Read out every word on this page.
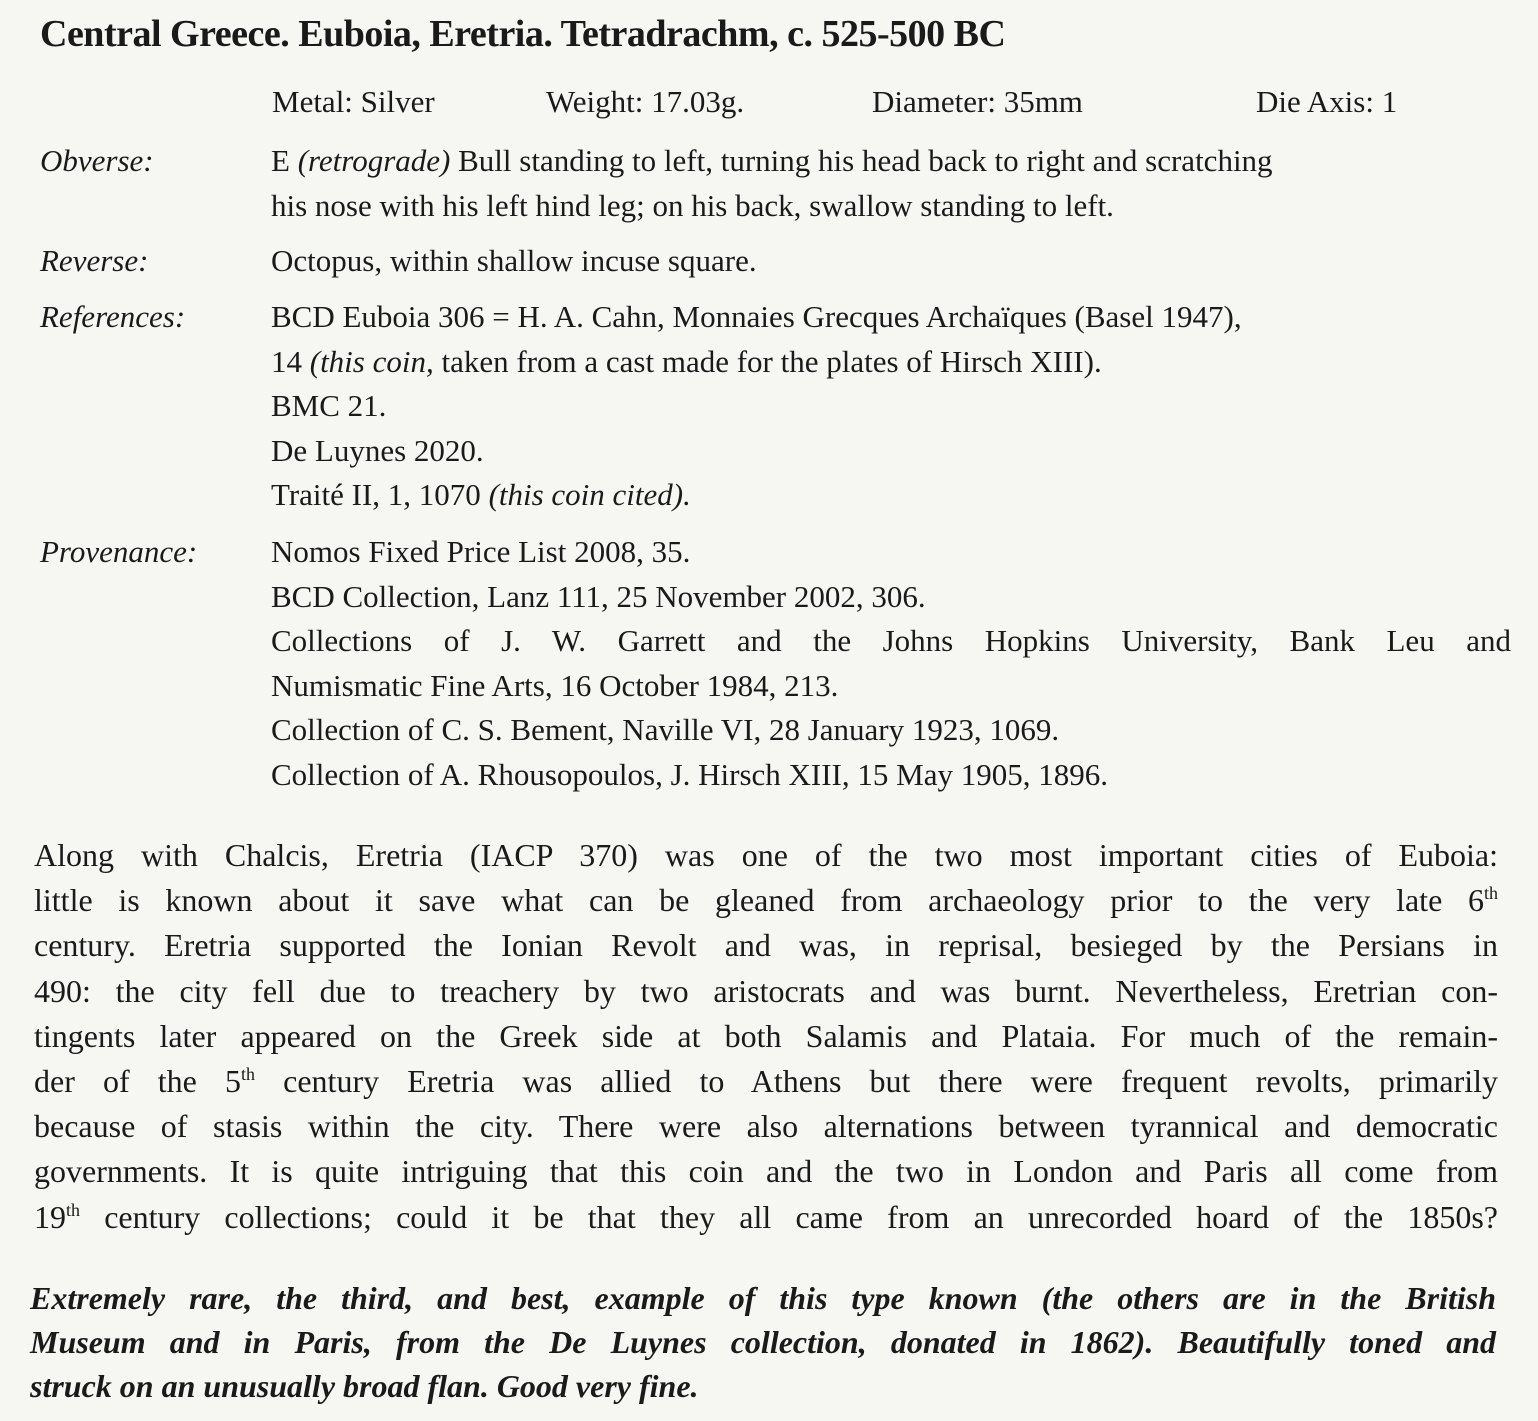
Central Greece. Euboia, Eretria. Tetradrachm, c. 525-500 BC
Metal: Silver	Weight: 17.03g.	Diameter: 35mm	Die Axis: 1
Obverse:	E (retrograde) Bull standing to left, turning his head back to right and scratching
his nose with his left hind leg; on his back, swallow standing to left.
Reverse:	Octopus, within shallow incuse square.
References:	BCD Euboia 306 = H. A. Cahn, Monnaies Grecques Archaïques (Basel 1947),
14 (this coin, taken from a cast made for the plates of Hirsch XIII).
BMC 21.
De Luynes 2020.
Traité II, 1, 1070 (this coin cited).
Provenance: Nomos Fixed Price List 2008, 35.
BCD Collection, Lanz 111, 25 November 2002, 306.
Collections of J. W. Garrett and the Johns Hopkins University, Bank Leu and
Numismatic Fine Arts, 16 October 1984, 213.
Collection of C. S. Bement, Naville VI, 28 January 1923, 1069.
Collection of A. Rhousopoulos, J. Hirsch XIII, 15 May 1905, 1896.
Along with Chalcis, Eretria (IACP 370) was one of the two most important cities of Euboia:
little is known about it save what can be gleaned from archaeology prior to the very late 6th
century. Eretria supported the Ionian Revolt and was, in reprisal, besieged by the Persians in
490: the city fell due to treachery by two aristocrats and was burnt. Nevertheless, Eretrian con-
tingents later appeared on the Greek side at both Salamis and Plataia. For much of the remain-
der of the 5th century Eretria was allied to Athens but there were frequent revolts, primarily
because of stasis within the city. There were also alternations between tyrannical and democratic
governments. It is quite intriguing that this coin and the two in London and Paris all come from
19th century collections; could it be that they all came from an unrecorded hoard of the 1850s?
Extremely rare, the third, and best, example of this type known (the others are in the British
Museum and in Paris, from the De Luynes collection, donated in 1862). Beautifully toned and
struck on an unusually broad flan. Good very fine.
